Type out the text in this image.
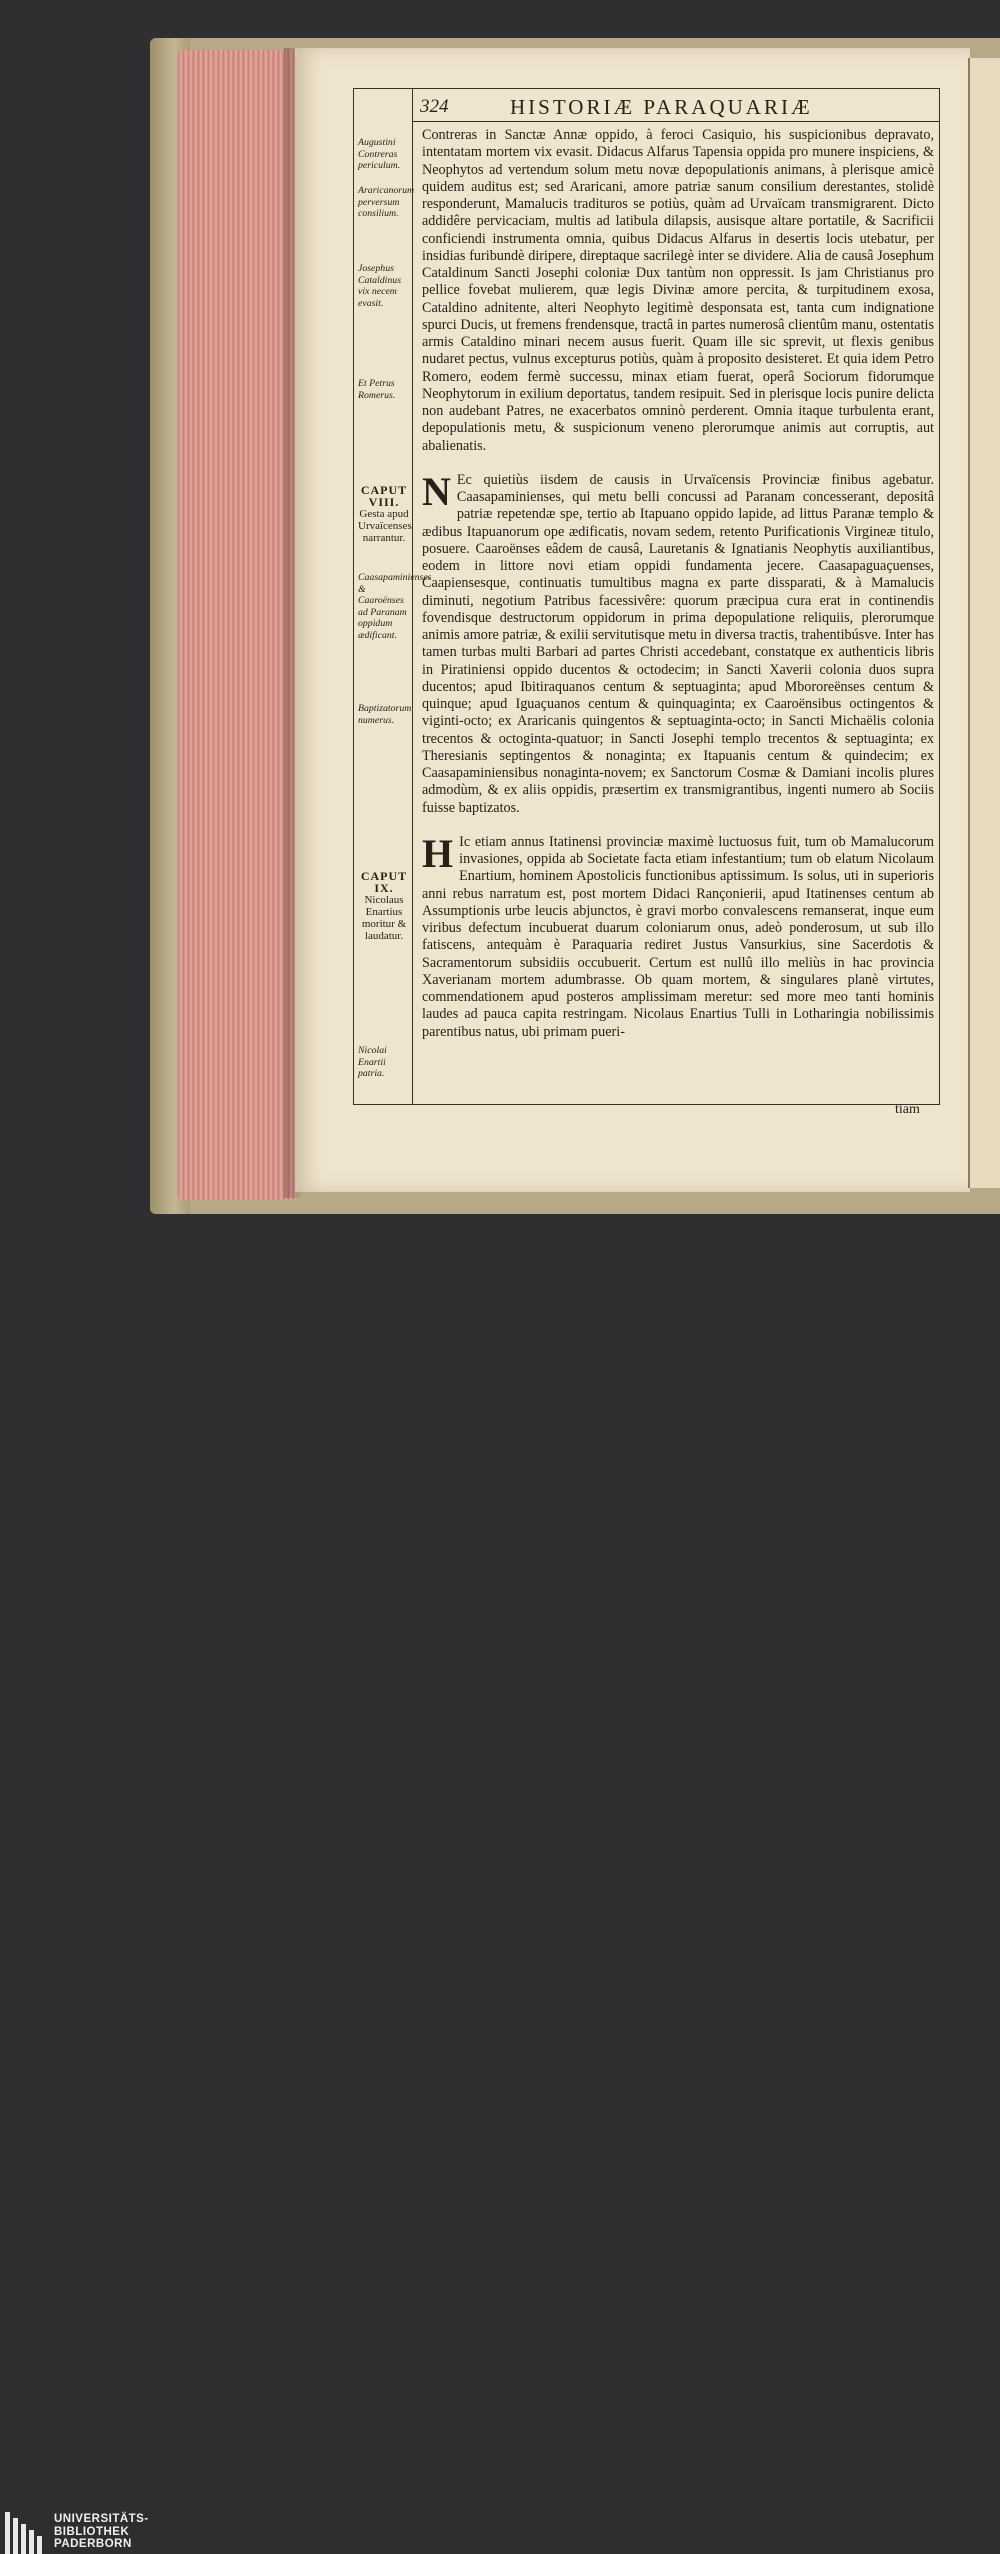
324	HISTORIÆ PARAQUARIÆ
Augustini Contreras periculum.
Araricanorum perversum consilium.
Josephus Cataldinus vix necem evasit.
Et Petrus Romerus.
CAPUT
VIII.
Gesta apud Urvaïcenses narrantur.
Caasapaminienses & Caaroënses ad Paranam oppidum ædificant.
Baptizatorum numerus.
CAPUT
IX.
Nicolaus Enartius moritur & laudatur.
Nicolai Enartii patria.

Contreras in Sanctæ Annæ oppido, à feroci Casiquio, his suspicionibus depravato, intentatam mortem vix evasit. Didacus Alfarus Tapensia oppida pro munere inspiciens, & Neophytos ad vertendum solum metu novæ depopulationis animans, à plerisque amicè quidem auditus est; sed Araricani, amore patriæ sanum consilium derestantes, stolidè responderunt, Mamalucis tradituros se potiùs, quàm ad Urvaïcam transmigrarent. Dicto addidêre pervicaciam, multis ad latibula dilapsis, ausisque altare portatile, & Sacrificii conficiendi instrumenta omnia, quibus Didacus Alfarus in desertis locis utebatur, per insidias furibundè diripere, direptaque sacrilegè inter se dividere. Alia de causâ Josephum Cataldinum Sancti Josephi coloniæ Dux tantùm non oppressit. Is jam Christianus pro pellice fovebat mulierem, quæ legis Divinæ amore percita, & turpitudinem exosa, Cataldino adnitente, alteri Neophyto legitimè desponsata est, tanta cum indignatione spurci Ducis, ut fremens frendensque, tractâ in partes numerosâ clientûm manu, ostentatis armis Cataldino minari necem ausus fuerit. Quam ille sic sprevit, ut flexis genibus nudaret pectus, vulnus excepturus potiùs, quàm à proposito desisteret. Et quia idem Petro Romero, eodem fermè successu, minax etiam fuerat, operâ Sociorum fidorumque Neophytorum in exilium deportatus, tandem resipuit. Sed in plerisque locis punire delicta non audebant Patres, ne exacerbatos omninò perderent. Omnia itaque turbulenta erant, depopulationis metu, & suspicionum veneno plerorumque animis aut corruptis, aut abalienatis.

N Ec quietiùs iisdem de causis in Urvaïcensis Provinciæ finibus agebatur. Caasapaminienses, qui metu belli concussi ad Paranam concesserant, depositâ patriæ repetendæ spe, tertio ab Itapuano oppido lapide, ad littus Paranæ templo & ædibus Itapuanorum ope ædificatis, novam sedem, retento Purificationis Virgineæ titulo, posuere. Caaroënses eâdem de causâ, Lauretanis & Ignatianis Neophytis auxiliantibus, eodem in littore novi etiam oppidi fundamenta jecere. Caasapaguaçuenses, Caapiensesque, continuatis tumultibus magna ex parte dissparati, & à Mamalucis diminuti, negotium Patribus facessivêre: quorum præcipua cura erat in continendis fovendisque destructorum oppidorum in prima depopulatione reliquiis, plerorumque animis amore patriæ, & exilii servitutisque metu in diversa tractis, trahentibúsve. Inter has tamen turbas multi Barbari ad partes Christi accedebant, constatque ex authenticis libris in Piratiniensi oppido ducentos & octodecim; in Sancti Xaverii colonia duos supra ducentos; apud Ibitiraquanos centum & septuaginta; apud Mbororeënses centum & quinque; apud Iguaçuanos centum & quinquaginta; ex Caaroënsibus octingentos & viginti-octo; ex Araricanis quingentos & septuaginta-octo; in Sancti Michaëlis colonia trecentos & octoginta-quatuor; in Sancti Josephi templo trecentos & septuaginta; ex Theresianis septingentos & nonaginta; ex Itapuanis centum & quindecim; ex Caasapaminiensibus nonaginta-novem; ex Sanctorum Cosmæ & Damiani incolis plures admodùm, & ex aliis oppidis, præsertim ex transmigrantibus, ingenti numero ab Sociis fuisse baptizatos.

H Ic etiam annus Itatinensi provinciæ maximè luctuosus fuit, tum ob Mamalucorum invasiones, oppida ab Societate facta etiam infestantium; tum ob elatum Nicolaum Enartium, hominem Apostolicis functionibus aptissimum. Is solus, uti in superioris anni rebus narratum est, post mortem Didaci Rançonierii, apud Itatinenses centum ab Assumptionis urbe leucis abjunctos, è gravi morbo convalescens remanserat, inque eum viribus defectum incubuerat duarum coloniarum onus, adeò ponderosum, ut sub illo fatiscens, antequàm è Paraquaria rediret Justus Vansurkius, sine Sacerdotis & Sacramentorum subsidiis occubuerit. Certum est nullû illo meliùs in hac provincia Xaverianam mortem adumbrasse. Ob quam mortem, & singulares planè virtutes, commendationem apud posteros amplissimam meretur: sed more meo tanti hominis laudes ad pauca capita restringam. Nicolaus Enartius Tulli in Lotharingia nobilissimis parentibus natus, ubi primam pueri-

tiam
UNIVERSITÄTS-
BIBLIOTHEK
PADERBORN
